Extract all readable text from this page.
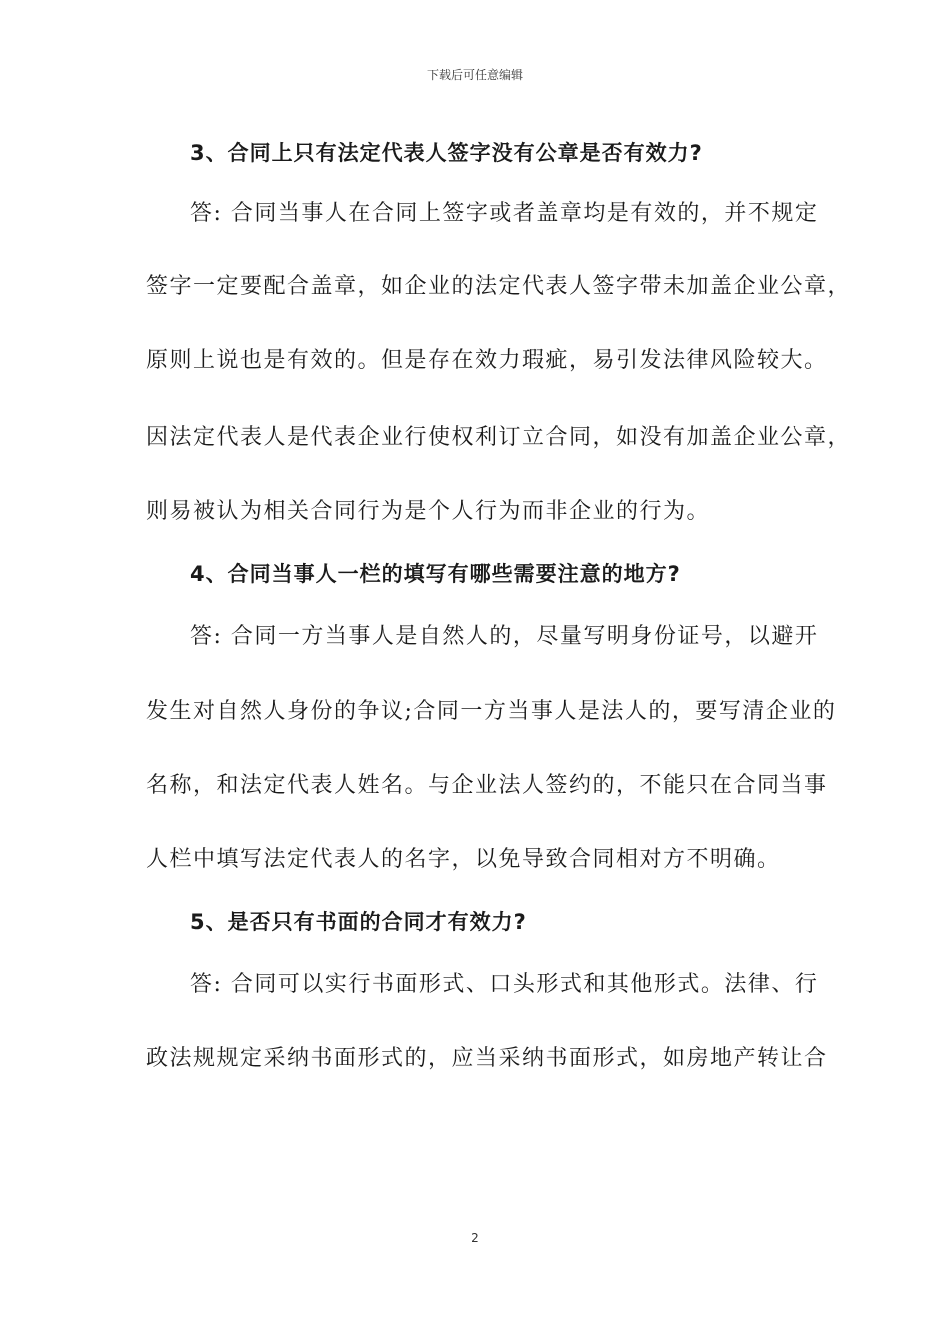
下载后可任意编辑
3、合同上只有法定代表人签字没有公章是否有效力?
答: 合同当事人在合同上签字或者盖章均是有效的，并不规定
签字一定要配合盖章，如企业的法定代表人签字带未加盖企业公章，
原则上说也是有效的。但是存在效力瑕疵，易引发法律风险较大。
因法定代表人是代表企业行使权利订立合同，如没有加盖企业公章，
则易被认为相关合同行为是个人行为而非企业的行为。
4、合同当事人一栏的填写有哪些需要注意的地方?
答: 合同一方当事人是自然人的，尽量写明身份证号，以避开
发生对自然人身份的争议;合同一方当事人是法人的，要写清企业的
名称，和法定代表人姓名。与企业法人签约的，不能只在合同当事
人栏中填写法定代表人的名字，以免导致合同相对方不明确。
5、是否只有书面的合同才有效力?
答: 合同可以实行书面形式、口头形式和其他形式。法律、行
政法规规定采纳书面形式的，应当采纳书面形式，如房地产转让合
2
